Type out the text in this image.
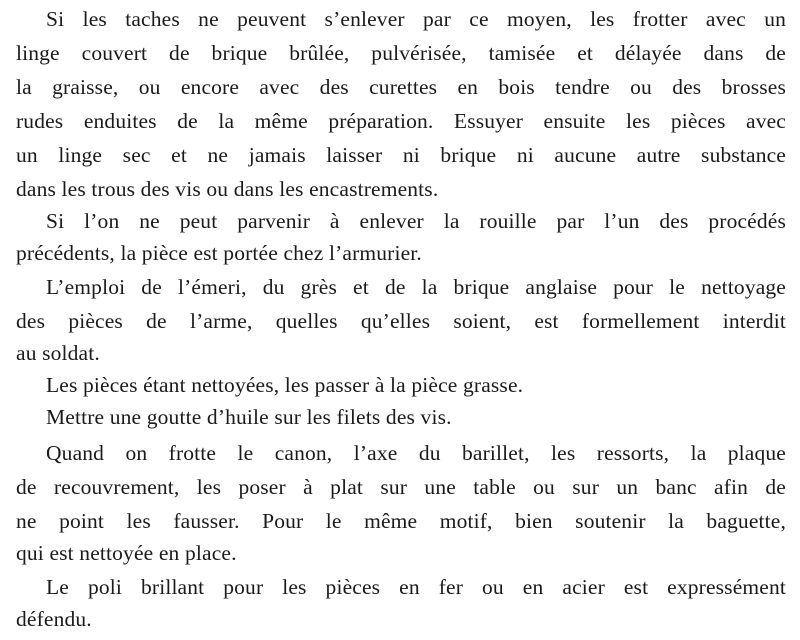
Si les taches ne peuvent s’enlever par ce moyen, les frotter avec un
linge couvert de brique brûlée, pulvérisée, tamisée et délayée dans de
la graisse, ou encore avec des curettes en bois tendre ou des brosses
rudes enduites de la même préparation. Essuyer ensuite les pièces avec
un linge sec et ne jamais laisser ni brique ni aucune autre substance
dans les trous des vis ou dans les encastrements.
Si l’on ne peut parvenir à enlever la rouille par l’un des procédés
précédents, la pièce est portée chez l’armurier.
L’emploi de l’émeri, du grès et de la brique anglaise pour le nettoyage
des pièces de l’arme, quelles qu’elles soient, est formellement interdit
au soldat.
Les pièces étant nettoyées, les passer à la pièce grasse.
Mettre une goutte d’huile sur les filets des vis.
Quand on frotte le canon, l’axe du barillet, les ressorts, la plaque
de recouvrement, les poser à plat sur une table ou sur un banc afin de
ne point les fausser. Pour le même motif, bien soutenir la baguette,
qui est nettoyée en place.
Le poli brillant pour les pièces en fer ou en acier est expressément
défendu.
